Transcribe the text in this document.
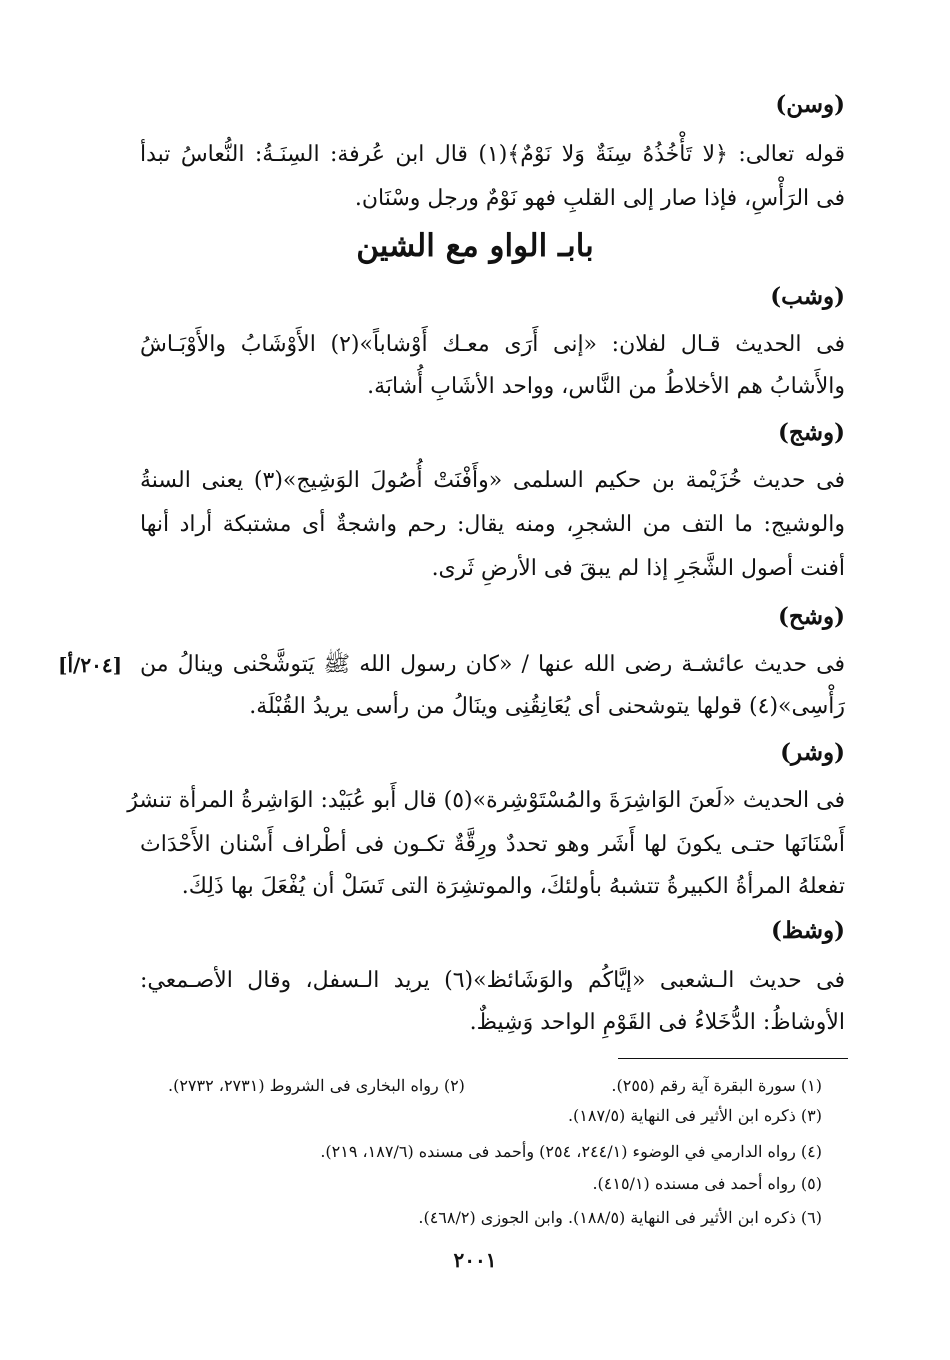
(وسن)
قوله تعالى: ﴿لا تَأْخُذُهُ سِنَةٌ وَلا نَوْمٌ﴾(١) قال ابن عُرفة: السِنَـةُ: النُّعاسُ تبدأ
فى الرَأْسِ، فإذا صار إلى القلبِ فهو نَوْمٌ ورجل وسْنَان.
بابـ الواو مع الشين
(وشب)
فى الحديث قـال لفلان: «إنى أَرَى معـك أَوْشاباً»(٢) الأَوْشَابُ والأَوْبَـاشُ
والأَشابُ هم الأخلاطُ من النَّاس، وواحد الأشَابِ أُشابَة.
(وشج)
فى حديث خُزَيْمة بن حكيم السلمى «وأَفْنَتْ أُصُولَ الوَشِيج»(٣) يعنى السنةُ
والوشيج: ما التف من الشجرِ، ومنه يقال: رحم واشجةٌ أى مشتبكة أراد أنها
أفنت أصول الشَّجَرِ إذا لم يبقَ فى الأرضِ ثَرى.
(وشح)
[٢٠٤/أ] فى حديث عائشـة رضى الله عنها / «كان رسول الله ﷺ يَتوشَّحْنى وينالُ من
رَأْسِى»(٤) قولها يتوشحنى أى يُعَانِقُنِى وينَالُ من رأسى يريدُ القُبْلَة.
(وشر)
فى الحديث «لَعنَ الوَاشِرَةَ والمُسْتَوْشِرة»(٥) قال أَبو عُبَيْد: الوَاشِرةُ المرأة تنشرُ
أَسْنَانَها حتـى يكونَ لها أَشَر وهو تحددٌ ورِقَّةٌ تكـون فى أطْراف أَسْنان الأَحْدَاث
تفعلهُ المرأةُ الكبيرةُ تتشبهُ بأولئكَ، والموتشِرَة التى تَسَلْ أن يُفْعَلَ بها ذَلِكَ.
(وشظ)
فى حديث الـشعبى «إيَّاكُم والوَشَائظ»(٦) يريد الـسفل، وقال الأصـمعي:
الأوشاظُ: الدُّخَلاءُ فى القَوْمِ الواحد وَشِيظٌ.
(١) سورة البقرة آية رقم (٢٥٥).
(٢) رواه البخارى فى الشروط (٢٧٣١، ٢٧٣٢).
(٣) ذكره ابن الأثير فى النهاية (١٨٧/٥).
(٤) رواه الدارمي في الوضوء (٢٤٤/١، ٢٥٤) وأحمد فى مسنده (١٨٧/٦، ٢١٩).
(٥) رواه أحمد فى مسنده (٤١٥/١).
(٦) ذكره ابن الأثير فى النهاية (١٨٨/٥). وابن الجوزى (٤٦٨/٢).
٢٠٠١
